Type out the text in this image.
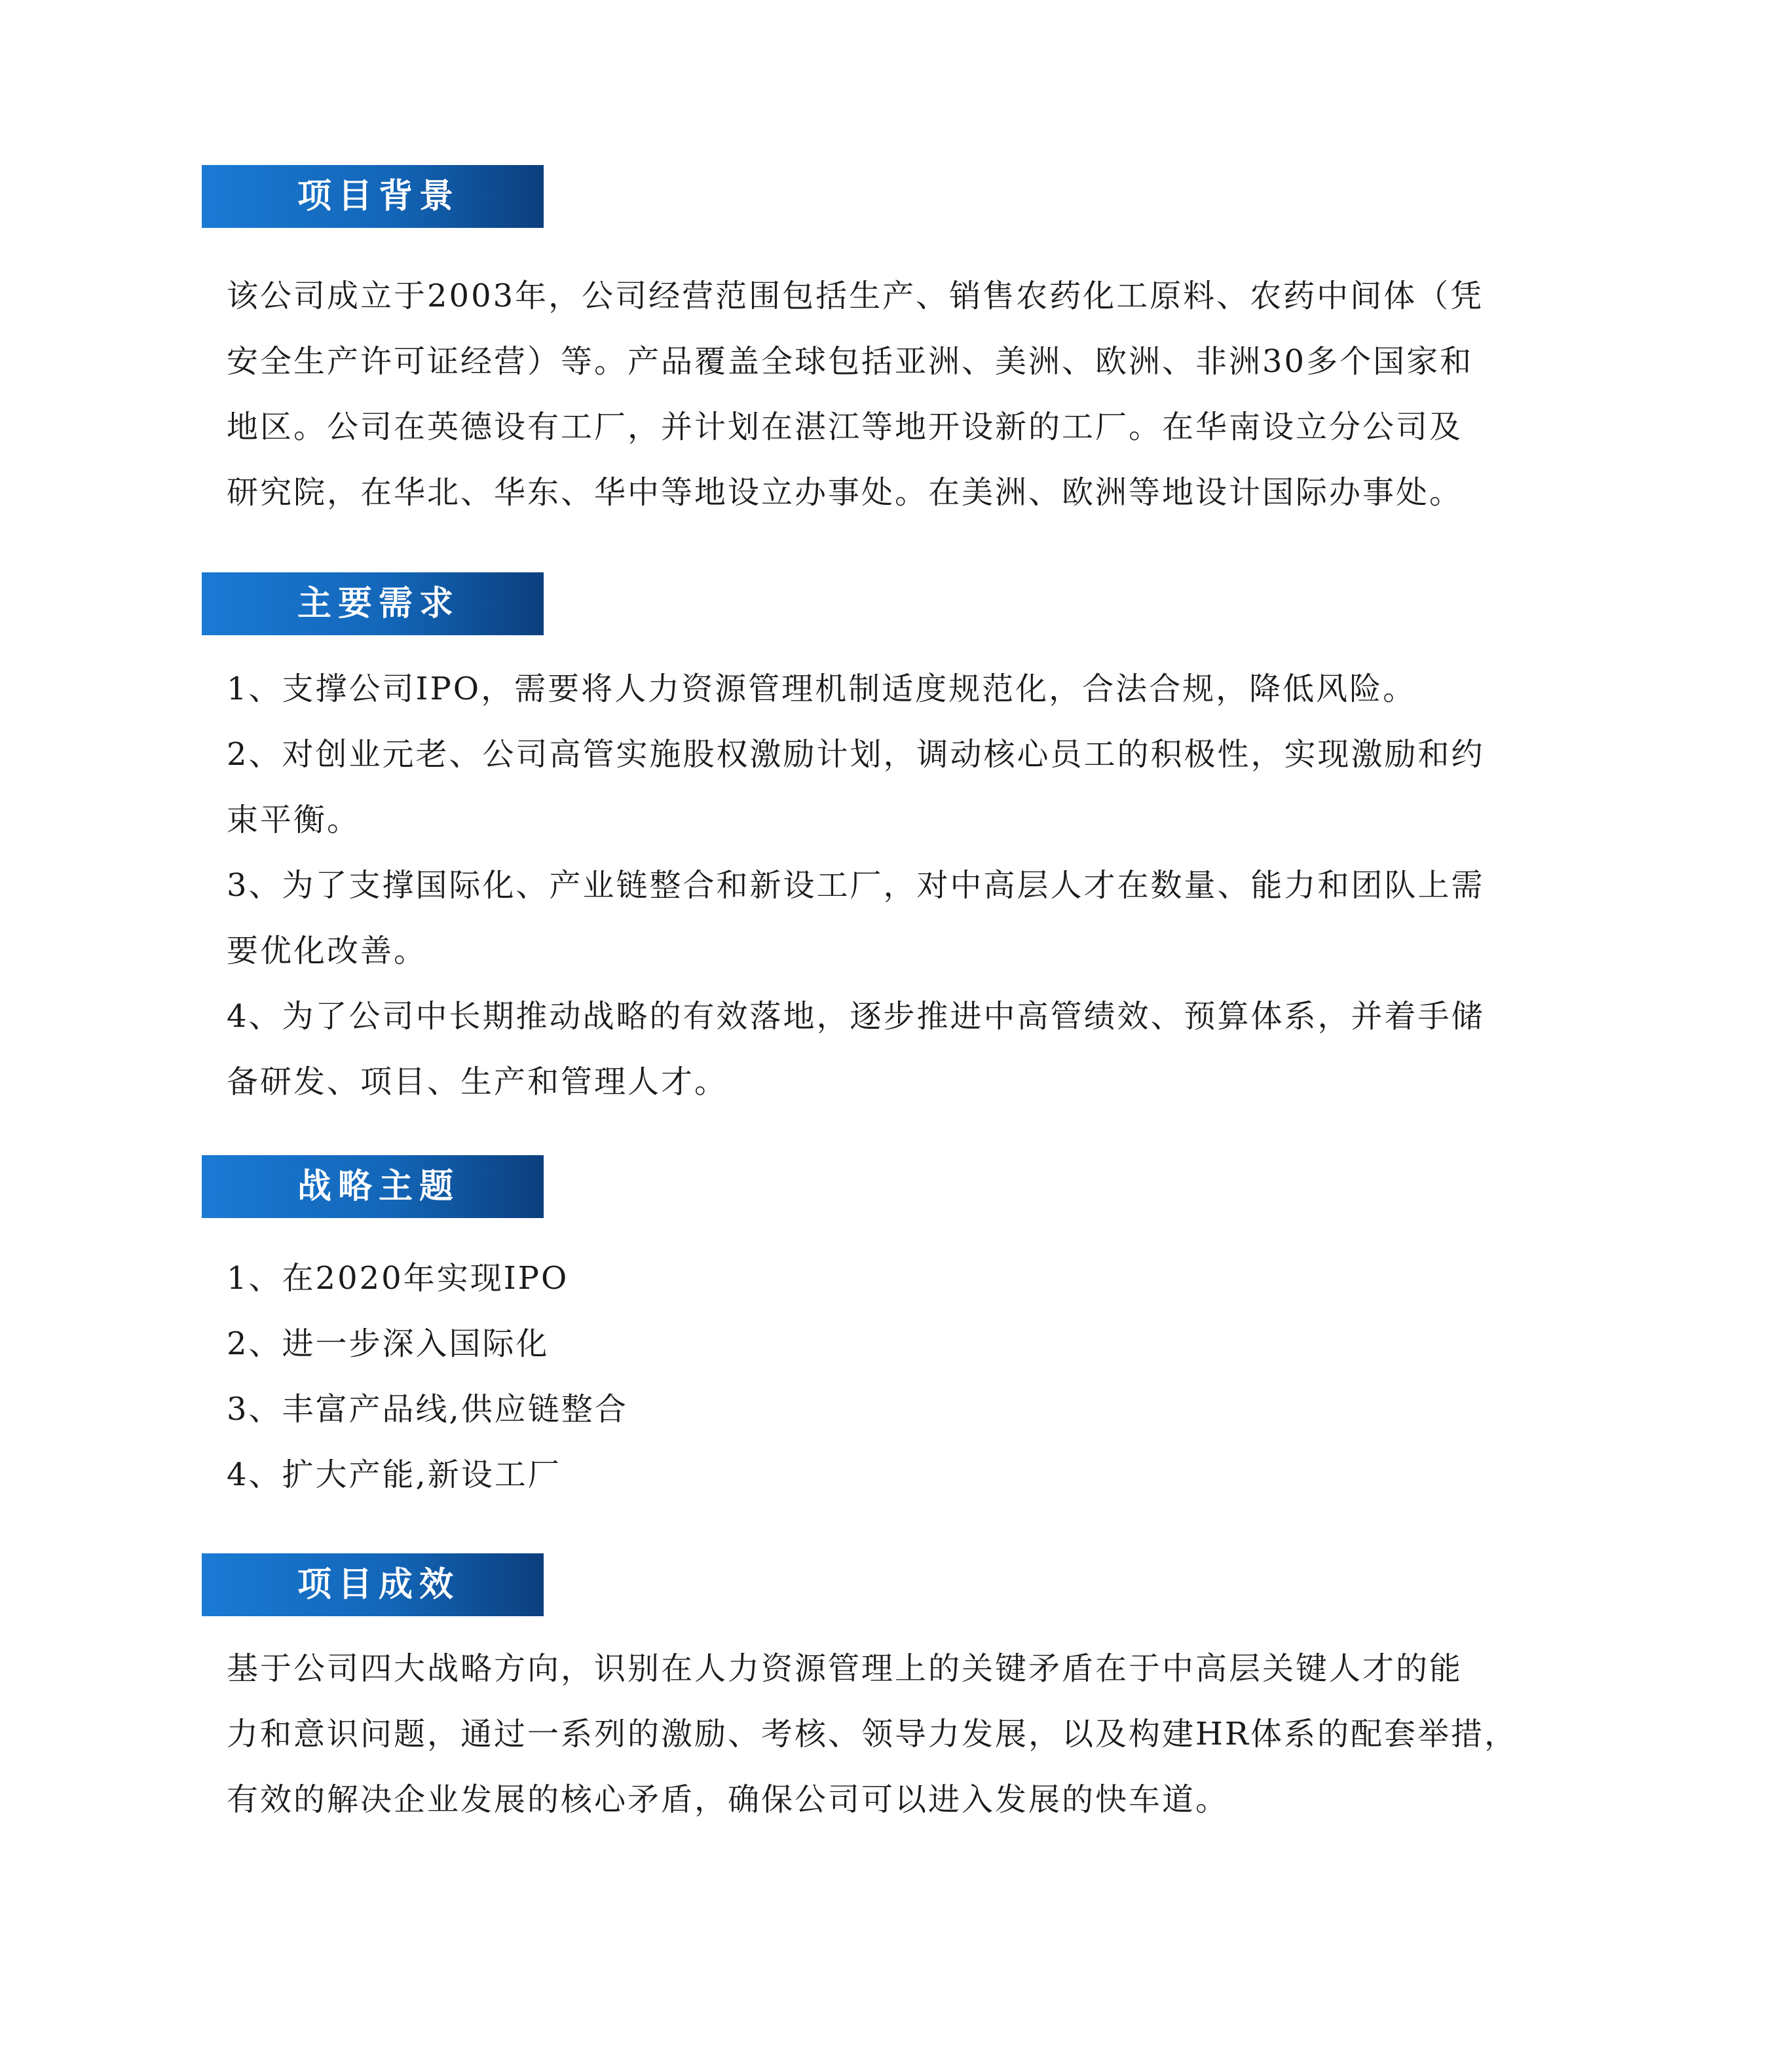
项目背景
该公司成立于2003年，公司经营范围包括生产、销售农药化工原料、农药中间体（凭
安全生产许可证经营）等。产品覆盖全球包括亚洲、美洲、欧洲、非洲30多个国家和
地区。公司在英德设有工厂，并计划在湛江等地开设新的工厂。在华南设立分公司及
研究院，在华北、华东、华中等地设立办事处。在美洲、欧洲等地设计国际办事处。
主要需求
1、支撑公司IPO，需要将人力资源管理机制适度规范化，合法合规，降低风险。
2、对创业元老、公司高管实施股权激励计划，调动核心员工的积极性，实现激励和约
束平衡。
3、为了支撑国际化、产业链整合和新设工厂，对中高层人才在数量、能力和团队上需
要优化改善。
4、为了公司中长期推动战略的有效落地，逐步推进中高管绩效、预算体系，并着手储
备研发、项目、生产和管理人才。
战略主题
1、在2020年实现IPO
2、进一步深入国际化
3、丰富产品线,供应链整合
4、扩大产能,新设工厂
项目成效
基于公司四大战略方向，识别在人力资源管理上的关键矛盾在于中高层关键人才的能
力和意识问题，通过一系列的激励、考核、领导力发展，以及构建HR体系的配套举措，
有效的解决企业发展的核心矛盾，确保公司可以进入发展的快车道。
